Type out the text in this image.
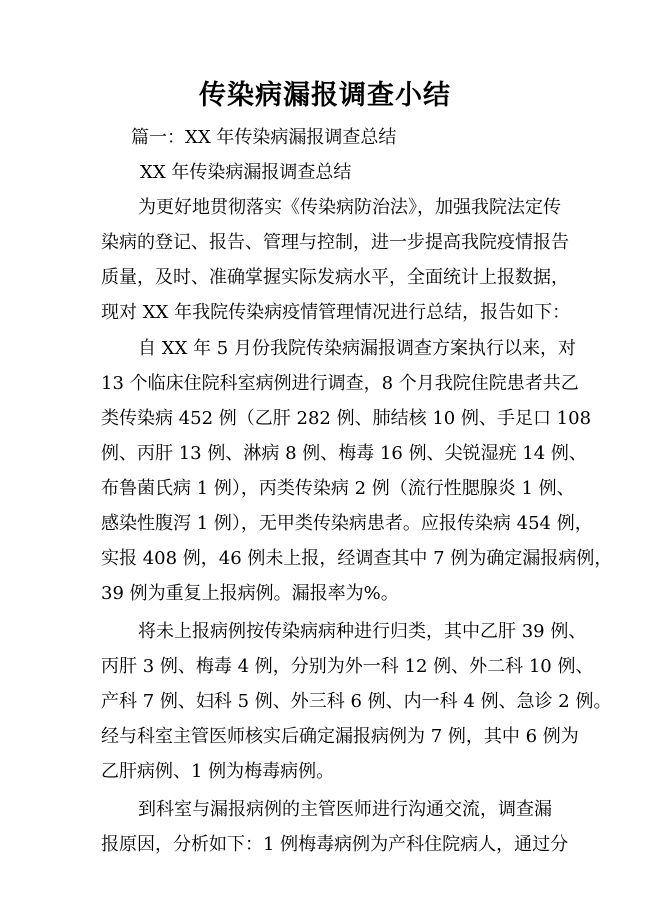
传染病漏报调查小结
篇一：XX 年传染病漏报调查总结
XX 年传染病漏报调查总结
为更好地贯彻落实《传染病防治法》，加强我院法定传
染病的登记、报告、管理与控制，进一步提高我院疫情报告
质量，及时、准确掌握实际发病水平，全面统计上报数据，
现对 XX 年我院传染病疫情管理情况进行总结，报告如下：
自 XX 年 5 月份我院传染病漏报调查方案执行以来，对
13 个临床住院科室病例进行调查，8 个月我院住院患者共乙
类传染病 452 例（乙肝 282 例、肺结核 10 例、手足口 108
例、丙肝 13 例、淋病 8 例、梅毒 16 例、尖锐湿疣 14 例、
布鲁菌氏病 1 例），丙类传染病 2 例（流行性腮腺炎 1 例、
感染性腹泻 1 例），无甲类传染病患者。应报传染病 454 例，
实报 408 例，46 例未上报，经调查其中 7 例为确定漏报病例，
39 例为重复上报病例。漏报率为%。
将未上报病例按传染病病种进行归类，其中乙肝 39 例、
丙肝 3 例、梅毒 4 例，分别为外一科 12 例、外二科 10 例、
产科 7 例、妇科 5 例、外三科 6 例、内一科 4 例、急诊 2 例。
经与科室主管医师核实后确定漏报病例为 7 例，其中 6 例为
乙肝病例、1 例为梅毒病例。
到科室与漏报病例的主管医师进行沟通交流，调查漏
报原因，分析如下：1 例梅毒病例为产科住院病人，通过分
